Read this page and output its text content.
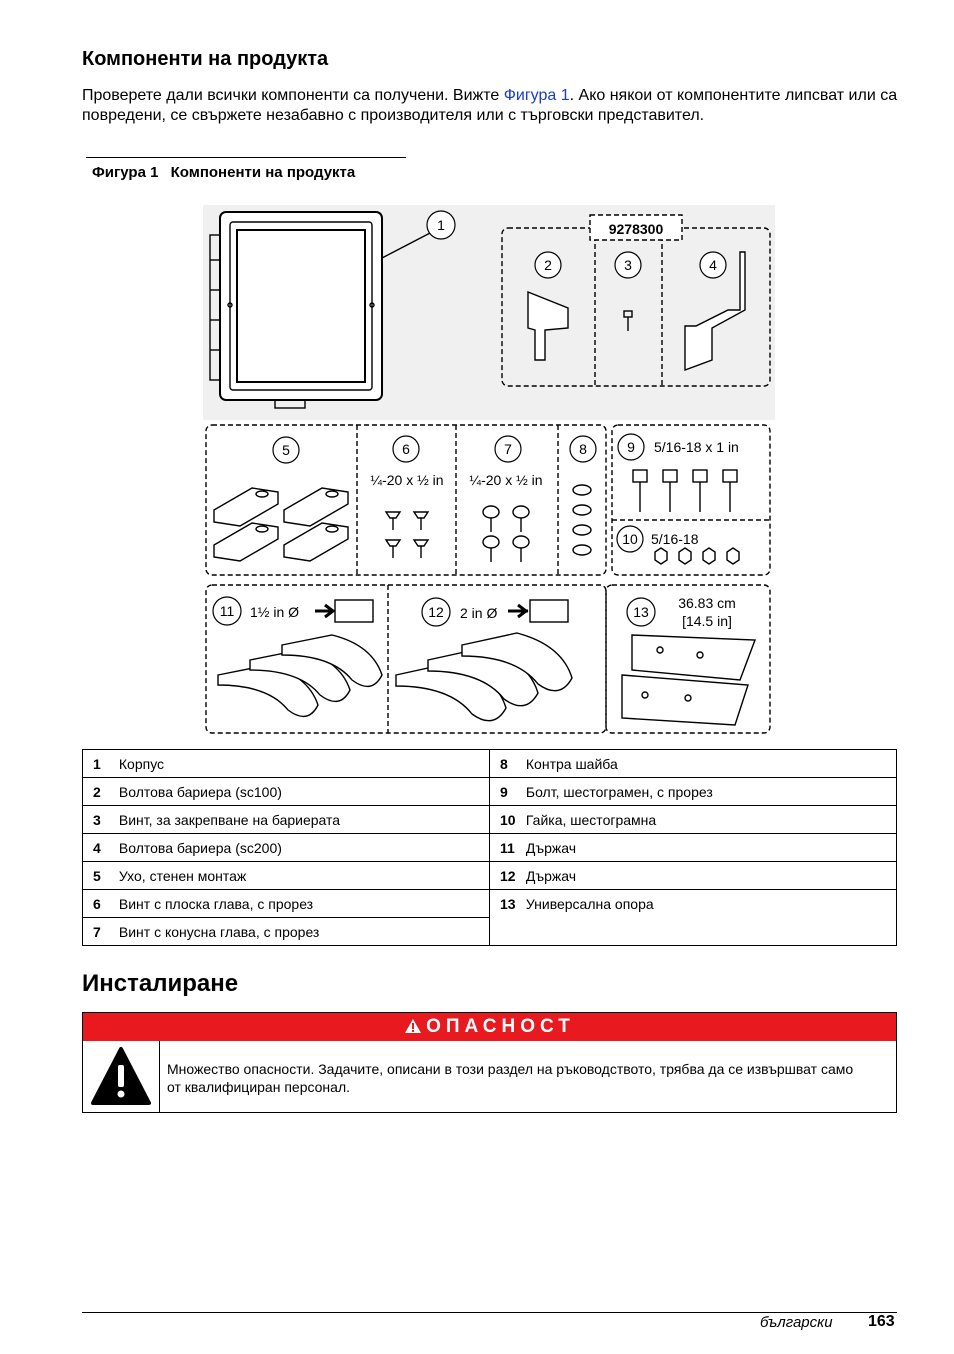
Компоненти на продукта

Проверете дали всички компоненти са получени. Вижте Фигура 1. Ако някои от компонентите липсват или са повредени, се свържете незабавно с производителя или с търговски представител.

Фигура 1 Компоненти на продукта
1
2	3	4
5	6	7	8	9
10
11	12	13
9278300
¼-20 x ½ in ¼-20 x ½ in
5/16-18 x 1 in
5/16-18
1½ in Ø	2 in Ø
36.83 cm
[14.5 in]
1 Корпус	8 Контра шайба
2 Волтова бариера (sc100)	9 Болт, шестограмен, с прорез
3 Винт, за закрепване на бариерата	10 Гайка, шестограмна
4 Волтова бариера (sc200)	11 Държач
5 Ухо, стенен монтаж	12 Държач
6 Винт с плоска глава, с прорез	13 Универсална опора
7 Винт с конусна глава, с прорез	
Инсталиране
ОПАСНОСТ
Множество опасности. Задачите, описани в този раздел на ръководството, трябва да се извършват само от квалифициран персонал.
български 163
